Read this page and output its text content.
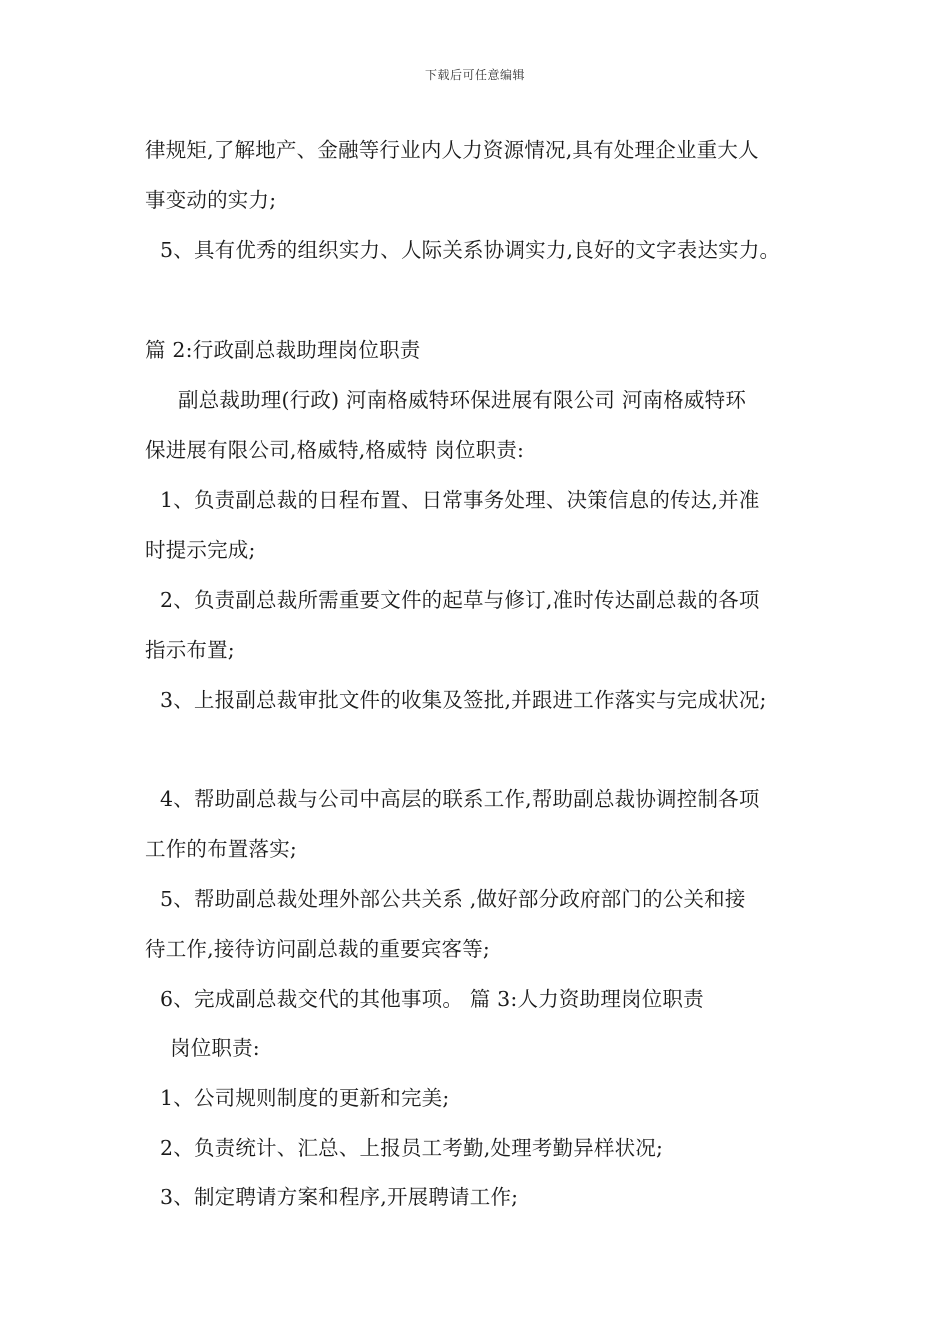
下载后可任意编辑
律规矩,了解地产、金融等行业内人力资源情况,具有处理企业重大人
事变动的实力;
5、具有优秀的组织实力、人际关系协调实力,良好的文字表达实力。
篇 2:行政副总裁助理岗位职责
副总裁助理(行政) 河南格威特环保进展有限公司 河南格威特环
保进展有限公司,格威特,格威特 岗位职责:
1、负责副总裁的日程布置、日常事务处理、决策信息的传达,并准
时提示完成;
2、负责副总裁所需重要文件的起草与修订,准时传达副总裁的各项
指示布置;
3、上报副总裁审批文件的收集及签批,并跟进工作落实与完成状况;
4、帮助副总裁与公司中高层的联系工作,帮助副总裁协调控制各项
工作的布置落实;
5、帮助副总裁处理外部公共关系 ,做好部分政府部门的公关和接
待工作,接待访问副总裁的重要宾客等;
6、完成副总裁交代的其他事项。 篇 3:人力资助理岗位职责
岗位职责:
1、公司规则制度的更新和完美;
2、负责统计、汇总、上报员工考勤,处理考勤异样状况;
3、制定聘请方案和程序,开展聘请工作;
